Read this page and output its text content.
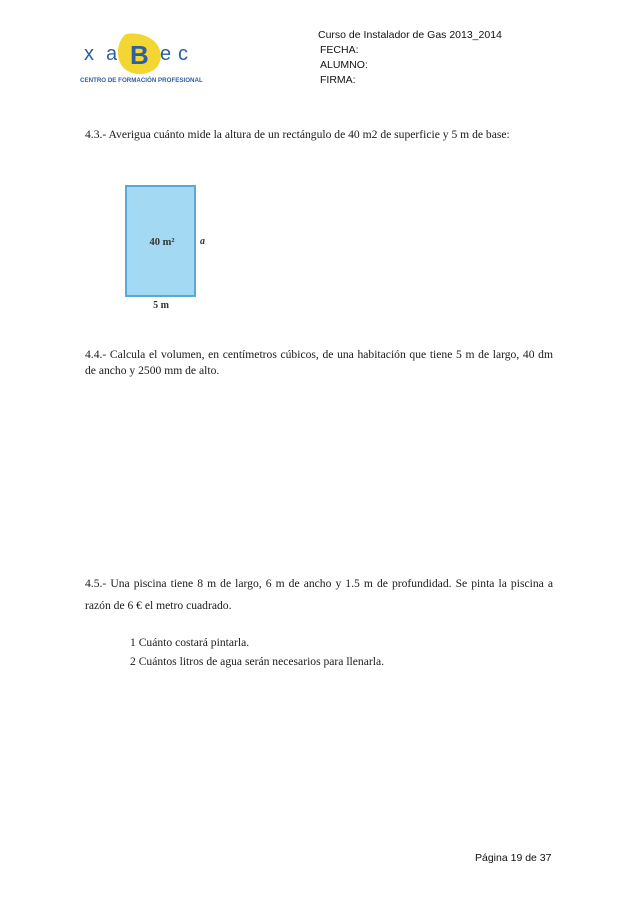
x a B e c
CENTRO DE FORMACIÓN PROFESIONAL
Curso de Instalador de Gas 2013_2014
FECHA:
ALUMNO:
FIRMA:
4.3.- Averigua cuánto mide la altura de un rectángulo de 40 m2 de superficie y 5 m de base:
40 m²	a
5 m
4.4.- Calcula el volumen, en centímetros cúbicos, de una habitación que tiene 5 m de largo, 40 dm de ancho y 2500 mm de alto.
4.5.- Una piscina tiene 8 m de largo, 6 m de ancho y 1.5 m de profundidad. Se pinta la piscina a razón de 6 € el metro cuadrado.
1 Cuánto costará pintarla.
2 Cuántos litros de agua serán necesarios para llenarla.
Página 19 de 37
